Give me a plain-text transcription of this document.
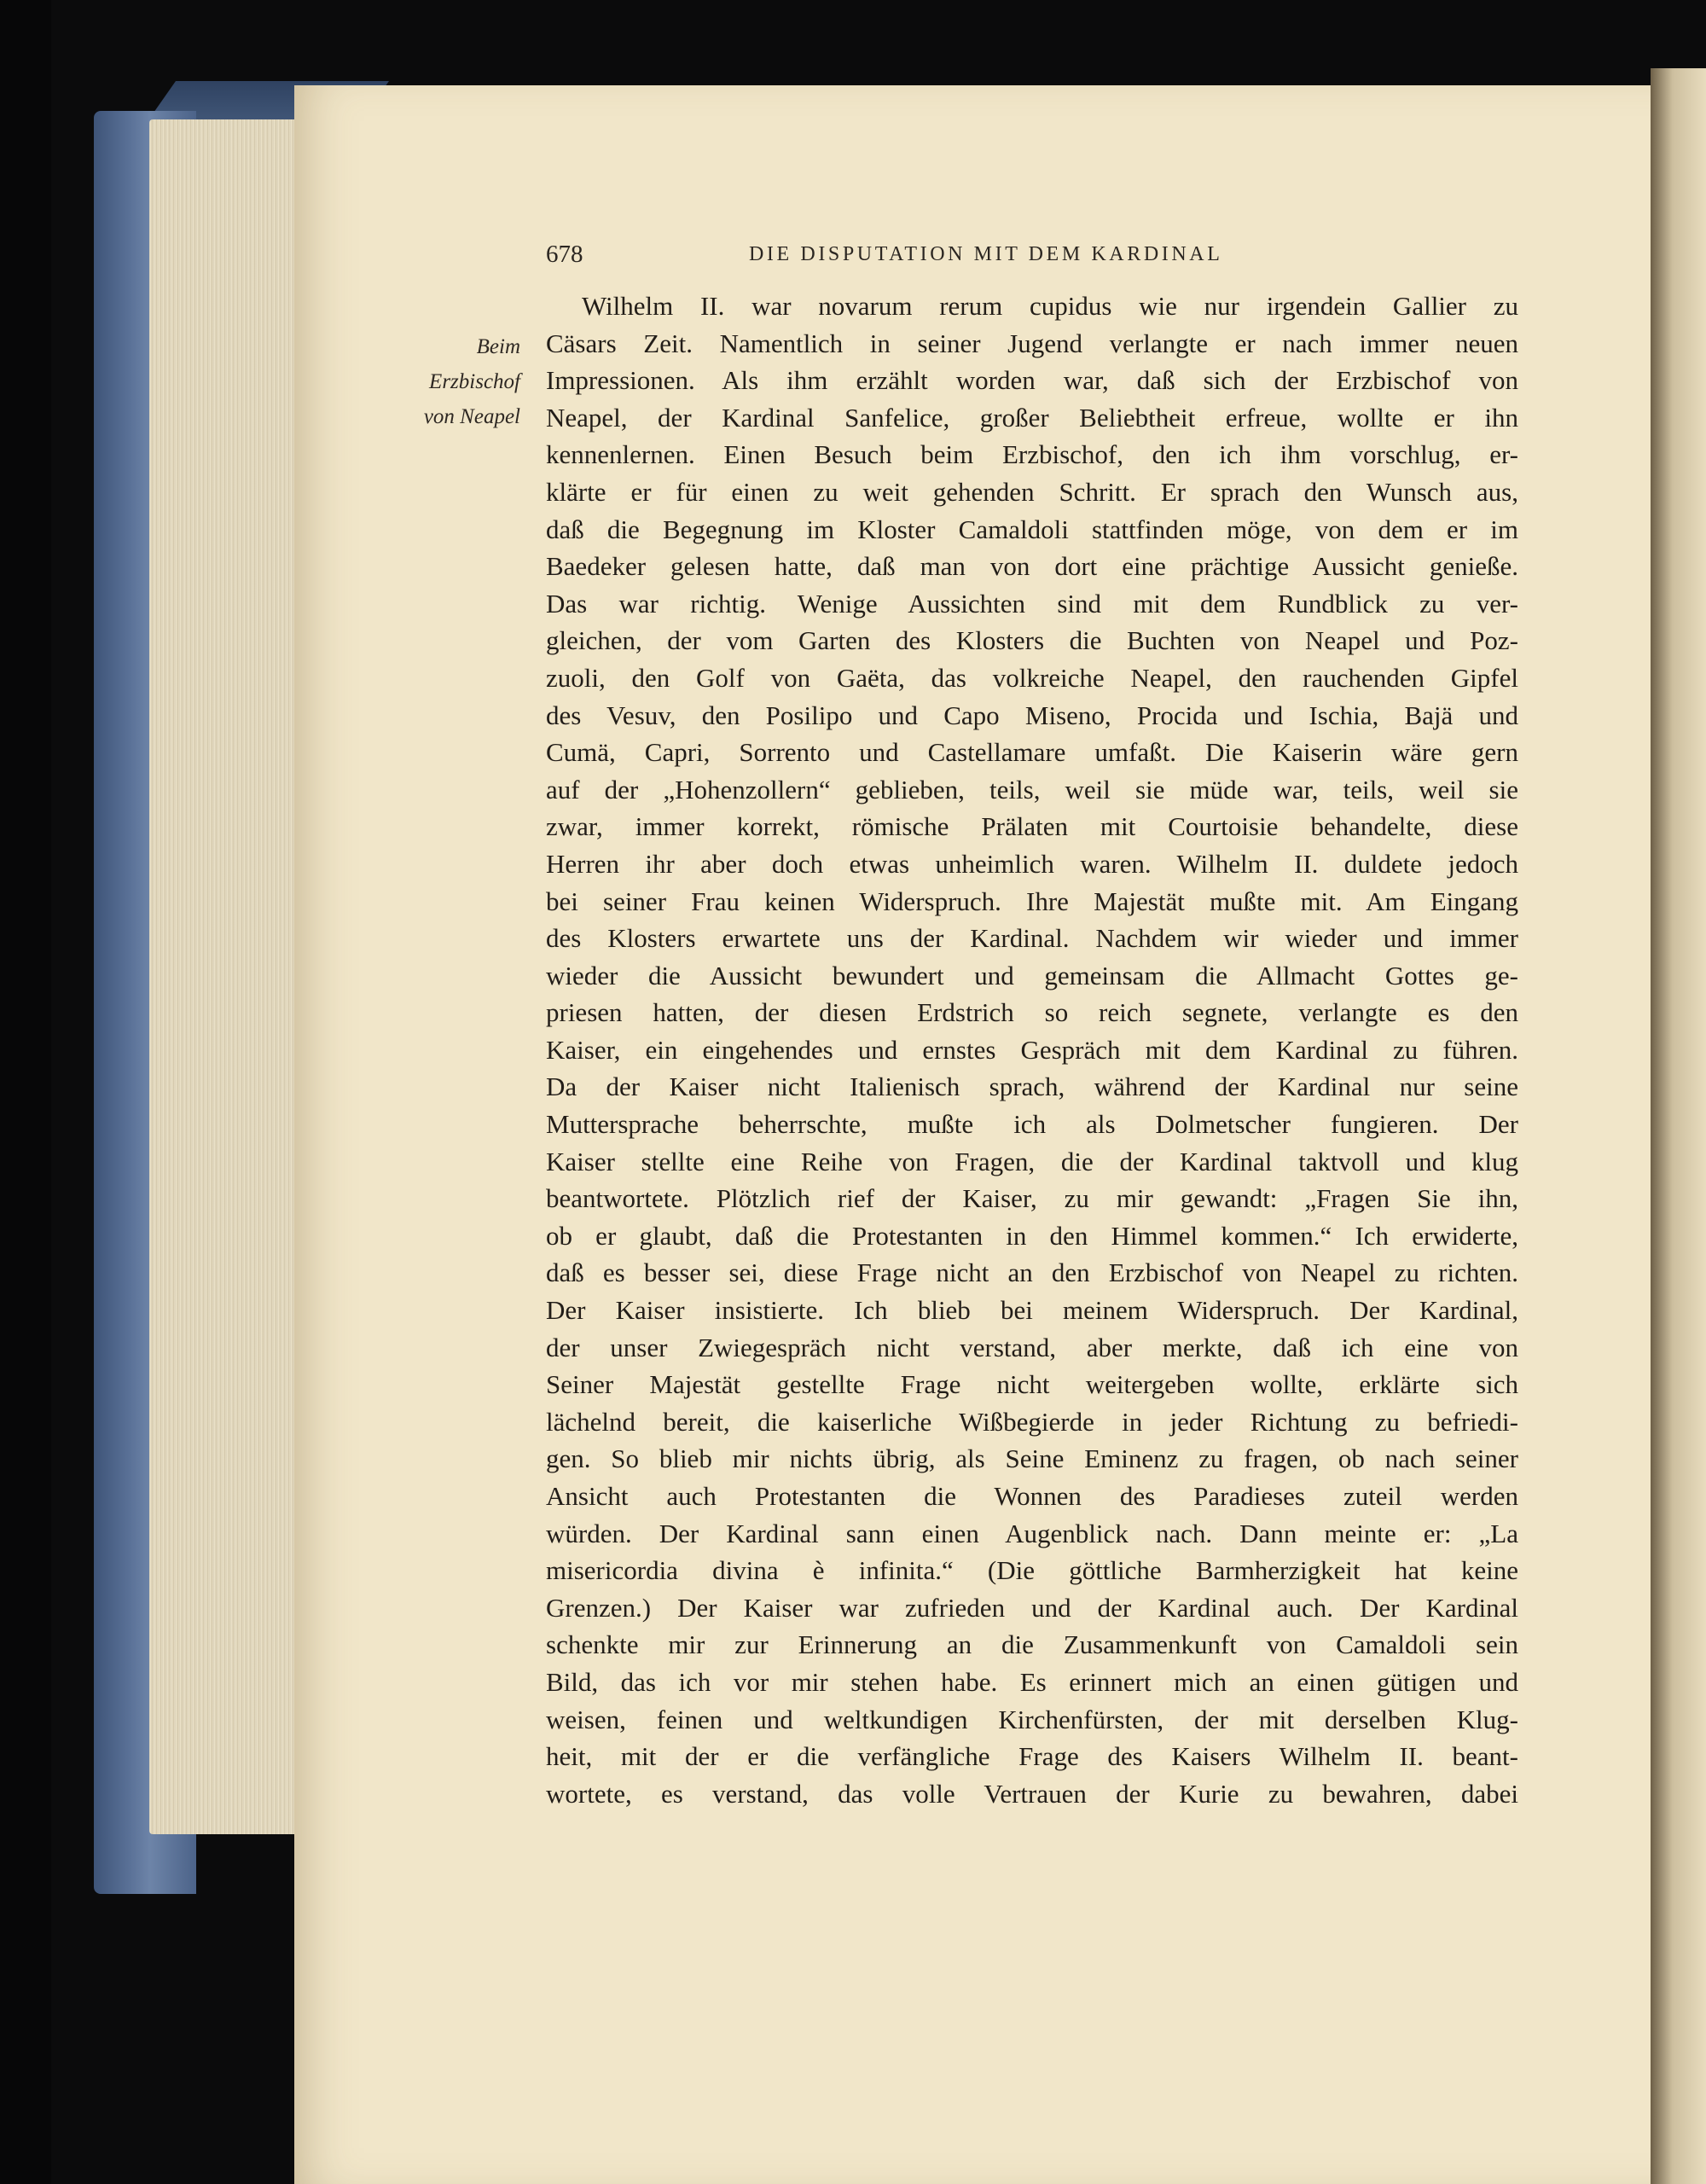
678	DIE DISPUTATION MIT DEM KARDINAL
Beim
Erzbischof
von Neapel
Wilhelm II. war novarum rerum cupidus wie nur irgendein Gallier zu
Cäsars Zeit. Namentlich in seiner Jugend verlangte er nach immer neuen
Impressionen. Als ihm erzählt worden war, daß sich der Erzbischof von
Neapel, der Kardinal Sanfelice, großer Beliebtheit erfreue, wollte er ihn
kennenlernen. Einen Besuch beim Erzbischof, den ich ihm vorschlug, er-
klärte er für einen zu weit gehenden Schritt. Er sprach den Wunsch aus,
daß die Begegnung im Kloster Camaldoli stattfinden möge, von dem er im
Baedeker gelesen hatte, daß man von dort eine prächtige Aussicht genieße.
Das war richtig. Wenige Aussichten sind mit dem Rundblick zu ver-
gleichen, der vom Garten des Klosters die Buchten von Neapel und Poz-
zuoli, den Golf von Gaëta, das volkreiche Neapel, den rauchenden Gipfel
des Vesuv, den Posilipo und Capo Miseno, Procida und Ischia, Bajä und
Cumä, Capri, Sorrento und Castellamare umfaßt. Die Kaiserin wäre gern
auf der „Hohenzollern“ geblieben, teils, weil sie müde war, teils, weil sie
zwar, immer korrekt, römische Prälaten mit Courtoisie behandelte, diese
Herren ihr aber doch etwas unheimlich waren. Wilhelm II. duldete jedoch
bei seiner Frau keinen Widerspruch. Ihre Majestät mußte mit. Am Eingang
des Klosters erwartete uns der Kardinal. Nachdem wir wieder und immer
wieder die Aussicht bewundert und gemeinsam die Allmacht Gottes ge-
priesen hatten, der diesen Erdstrich so reich segnete, verlangte es den
Kaiser, ein eingehendes und ernstes Gespräch mit dem Kardinal zu führen.
Da der Kaiser nicht Italienisch sprach, während der Kardinal nur seine
Muttersprache beherrschte, mußte ich als Dolmetscher fungieren. Der
Kaiser stellte eine Reihe von Fragen, die der Kardinal taktvoll und klug
beantwortete. Plötzlich rief der Kaiser, zu mir gewandt: „Fragen Sie ihn,
ob er glaubt, daß die Protestanten in den Himmel kommen.“ Ich erwiderte,
daß es besser sei, diese Frage nicht an den Erzbischof von Neapel zu richten.
Der Kaiser insistierte. Ich blieb bei meinem Widerspruch. Der Kardinal,
der unser Zwiegespräch nicht verstand, aber merkte, daß ich eine von
Seiner Majestät gestellte Frage nicht weitergeben wollte, erklärte sich
lächelnd bereit, die kaiserliche Wißbegierde in jeder Richtung zu befriedi-
gen. So blieb mir nichts übrig, als Seine Eminenz zu fragen, ob nach seiner
Ansicht auch Protestanten die Wonnen des Paradieses zuteil werden
würden. Der Kardinal sann einen Augenblick nach. Dann meinte er: „La
misericordia divina è infinita.“ (Die göttliche Barmherzigkeit hat keine
Grenzen.) Der Kaiser war zufrieden und der Kardinal auch. Der Kardinal
schenkte mir zur Erinnerung an die Zusammenkunft von Camaldoli sein
Bild, das ich vor mir stehen habe. Es erinnert mich an einen gütigen und
weisen, feinen und weltkundigen Kirchenfürsten, der mit derselben Klug-
heit, mit der er die verfängliche Frage des Kaisers Wilhelm II. beant-
wortete, es verstand, das volle Vertrauen der Kurie zu bewahren, dabei
